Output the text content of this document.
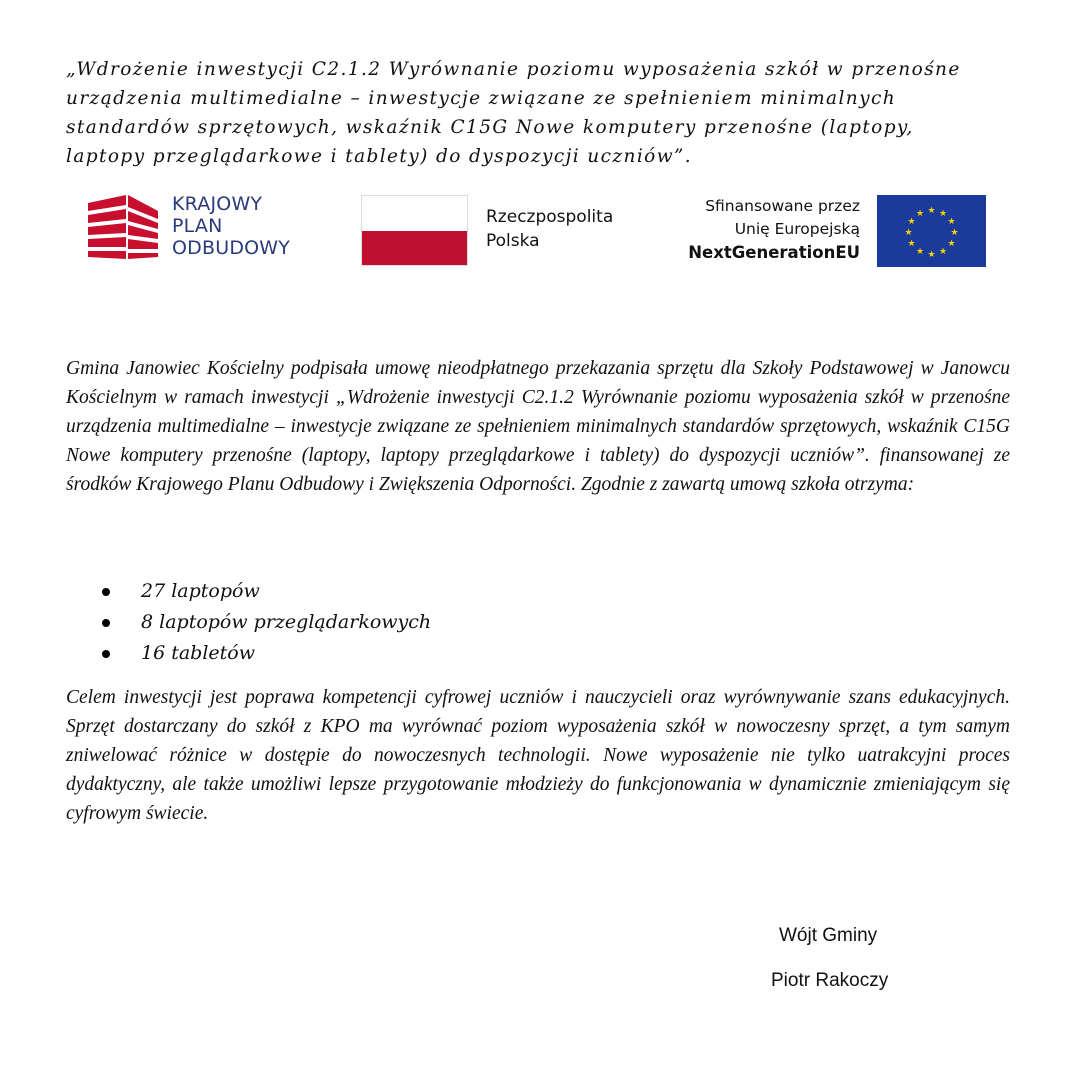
„Wdrożenie inwestycji C2.1.2 Wyrównanie poziomu wyposażenia szkół w przenośne urządzenia multimedialne – inwestycje związane ze spełnieniem minimalnych standardów sprzętowych, wskaźnik C15G Nowe komputery przenośne (laptopy, laptopy przeglądarkowe i tablety) do dyspozycji uczniów”.
KRAJOWY
PLAN
ODBUDOWY
Rzeczpospolita
Polska
Sfinansowane przez
Unię Europejską
NextGenerationEU
★ ★
★
★
★
★
★
★
★
★
★
★
Gmina Janowiec Kościelny podpisała umowę nieodpłatnego przekazania sprzętu dla Szkoły Podstawowej w Janowcu Kościelnym w ramach inwestycji „Wdrożenie inwestycji C2.1.2 Wyrównanie poziomu wyposażenia szkół w przenośne urządzenia multimedialne – inwestycje związane ze spełnieniem minimalnych standardów sprzętowych, wskaźnik C15G Nowe komputery przenośne (laptopy, laptopy przeglądarkowe i tablety) do dyspozycji uczniów”. finansowanej ze środków Krajowego Planu Odbudowy i Zwiększenia Odporności. Zgodnie z zawartą umową szkoła otrzyma:
27 laptopów
8 laptopów przeglądarkowych
16 tabletów
Celem inwestycji jest poprawa kompetencji cyfrowej uczniów i nauczycieli oraz wyrównywanie szans edukacyjnych. Sprzęt dostarczany do szkół z KPO ma wyrównać poziom wyposażenia szkół w nowoczesny sprzęt, a tym samym zniwelować różnice w dostępie do nowoczesnych technologii. Nowe wyposażenie nie tylko uatrakcyjni proces dydaktyczny, ale także umożliwi lepsze przygotowanie młodzieży do funkcjonowania w dynamicznie zmieniającym się cyfrowym świecie.
Wójt Gminy
Piotr Rakoczy
